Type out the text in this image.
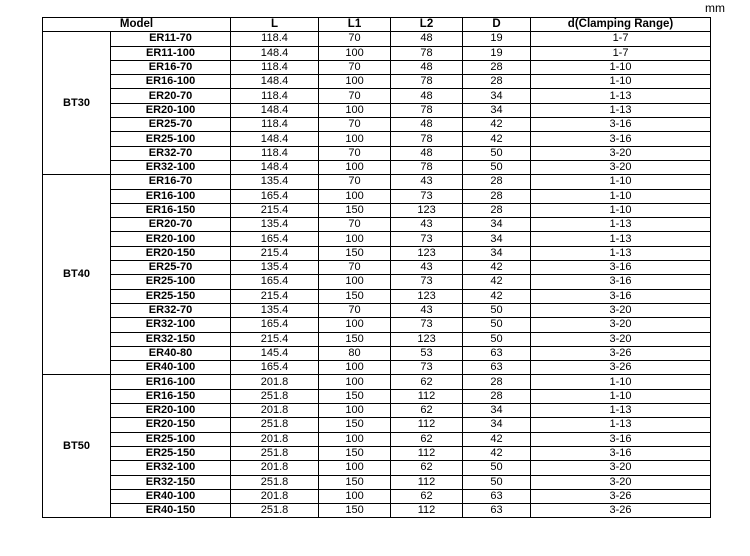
mm
Model		L	L1	L2	D	d(Clamping Range)
BT30	ER11-70	118.4	70	48	19	1-7
	ER11-100	148.4	100	78	19	1-7
	ER16-70	118.4	70	48	28	1-10
	ER16-100	148.4	100	78	28	1-10
	ER20-70	118.4	70	48	34	1-13
	ER20-100	148.4	100	78	34	1-13
	ER25-70	118.4	70	48	42	3-16
	ER25-100	148.4	100	78	42	3-16
	ER32-70	118.4	70	48	50	3-20
	ER32-100	148.4	100	78	50	3-20
BT40	ER16-70	135.4	70	43	28	1-10
	ER16-100	165.4	100	73	28	1-10
	ER16-150	215.4	150	123	28	1-10
	ER20-70	135.4	70	43	34	1-13
	ER20-100	165.4	100	73	34	1-13
	ER20-150	215.4	150	123	34	1-13
	ER25-70	135.4	70	43	42	3-16
	ER25-100	165.4	100	73	42	3-16
	ER25-150	215.4	150	123	42	3-16
	ER32-70	135.4	70	43	50	3-20
	ER32-100	165.4	100	73	50	3-20
	ER32-150	215.4	150	123	50	3-20
	ER40-80	145.4	80	53	63	3-26
	ER40-100	165.4	100	73	63	3-26
BT50	ER16-100	201.8	100	62	28	1-10
	ER16-150	251.8	150	112	28	1-10
	ER20-100	201.8	100	62	34	1-13
	ER20-150	251.8	150	112	34	1-13
	ER25-100	201.8	100	62	42	3-16
	ER25-150	251.8	150	112	42	3-16
	ER32-100	201.8	100	62	50	3-20
	ER32-150	251.8	150	112	50	3-20
	ER40-100	201.8	100	62	63	3-26
	ER40-150	251.8	150	112	63	3-26
